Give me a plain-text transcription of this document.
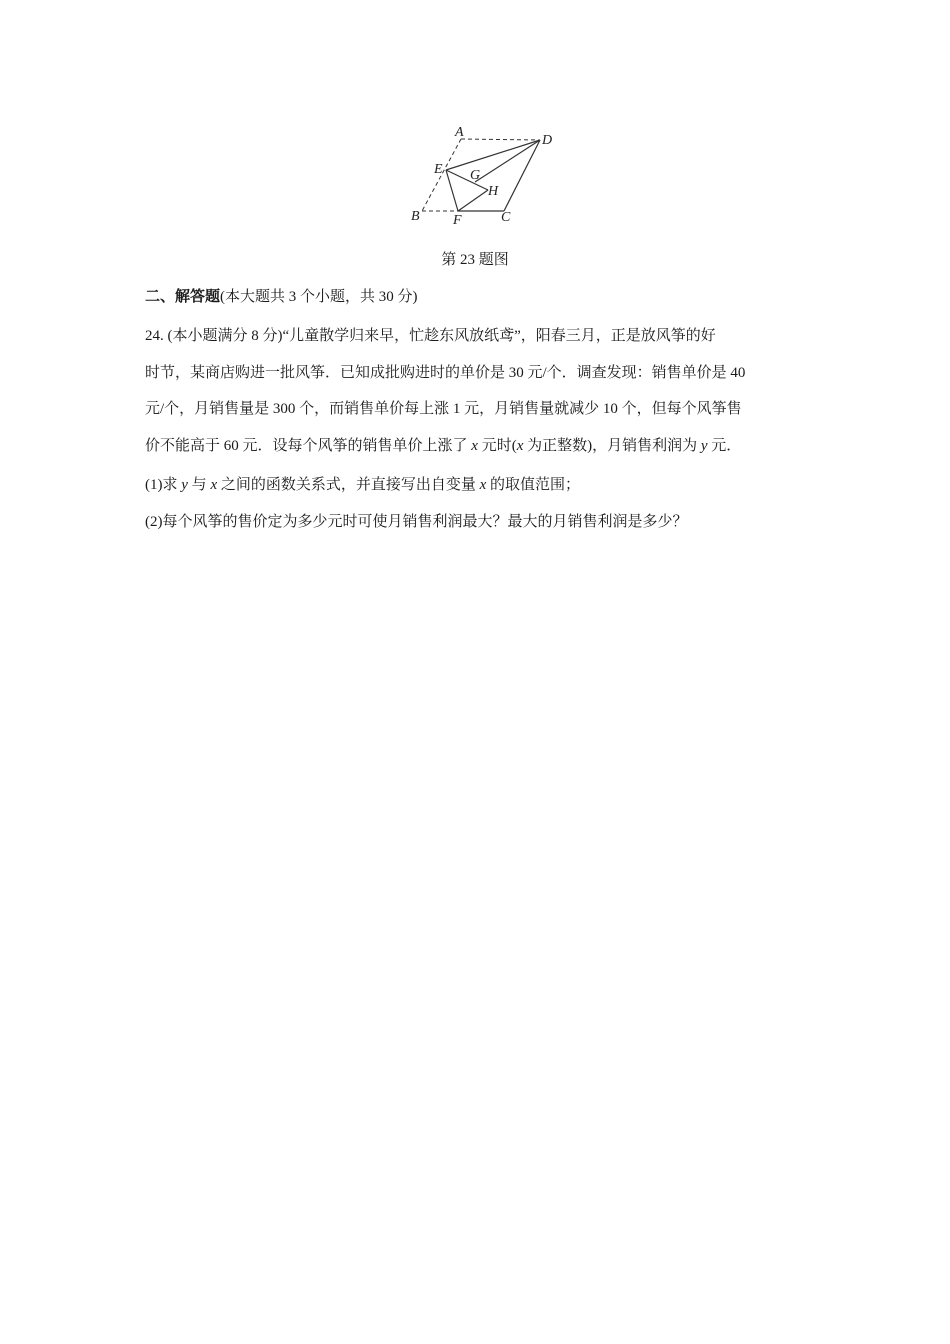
A
D
E G
H
B F	C
第 23 题图
二、解答题(本大题共 3 个小题，共 30 分)
24. (本小题满分 8 分)“儿童散学归来早，忙趁东风放纸鸢”，阳春三月，正是放风筝的好
时节，某商店购进一批风筝．已知成批购进时的单价是 30 元/个．调查发现：销售单价是 40
元/个，月销售量是 300 个，而销售单价每上涨 1 元，月销售量就减少 10 个，但每个风筝售
价不能高于 60 元．设每个风筝的销售单价上涨了 x 元时(x 为正整数)，月销售利润为 y 元．
(1)求 y 与 x 之间的函数关系式，并直接写出自变量 x 的取值范围；
(2)每个风筝的售价定为多少元时可使月销售利润最大？最大的月销售利润是多少？
